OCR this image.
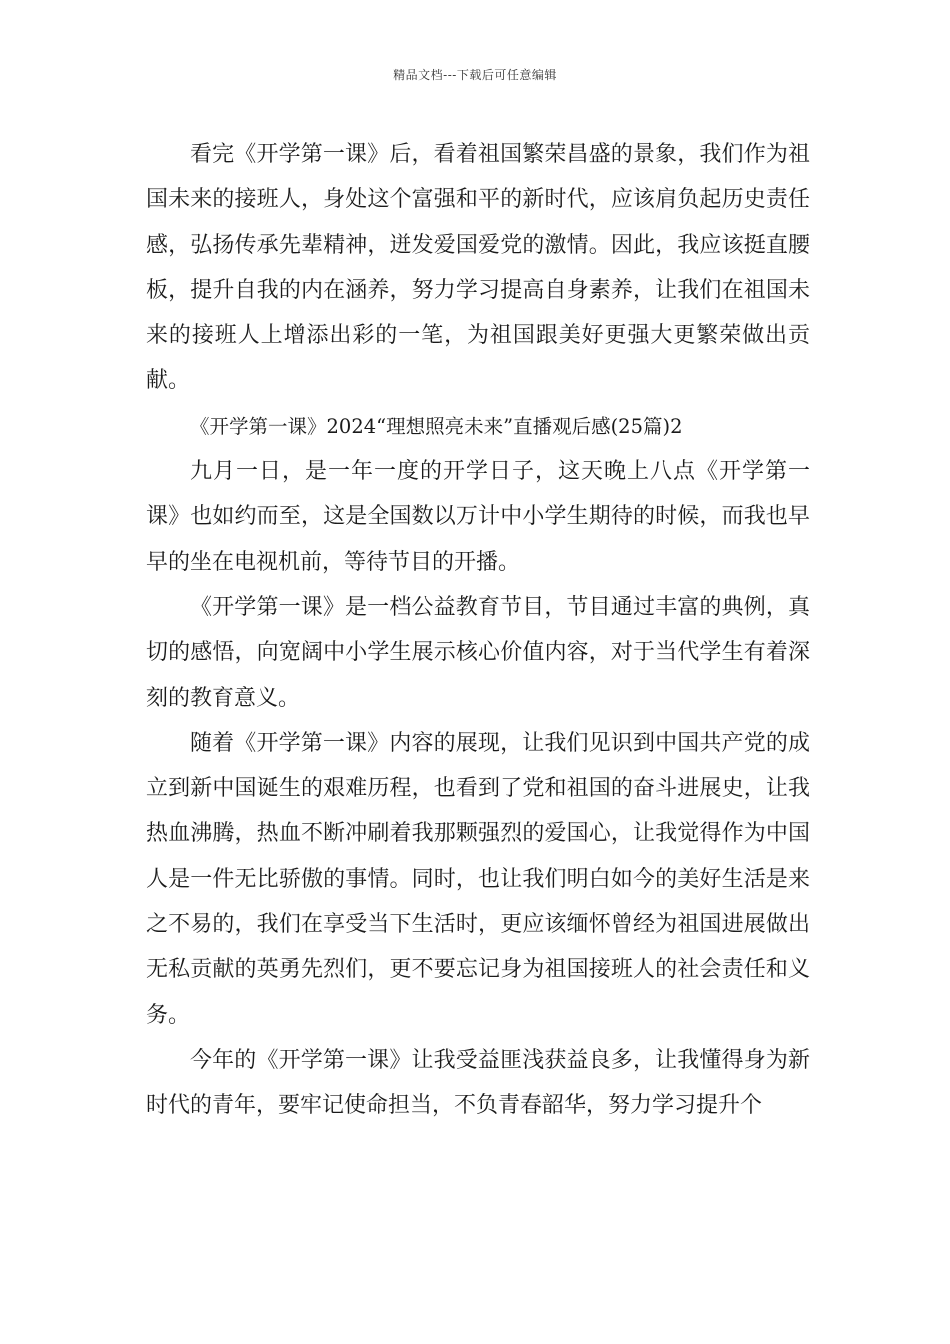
精品文档---下载后可任意编辑

看完《开学第一课》后，看着祖国繁荣昌盛的景象，我们作为祖国未来的接班人，身处这个富强和平的新时代，应该肩负起历史责任感，弘扬传承先辈精神，迸发爱国爱党的激情。因此，我应该挺直腰板，提升自我的内在涵养，努力学习提高自身素养，让我们在祖国未来的接班人上增添出彩的一笔，为祖国跟美好更强大更繁荣做出贡献。

《开学第一课》2024“理想照亮未来”直播观后感(25篇)2

九月一日，是一年一度的开学日子，这天晚上八点《开学第一课》也如约而至，这是全国数以万计中小学生期待的时候，而我也早早的坐在电视机前，等待节目的开播。

《开学第一课》是一档公益教育节目，节目通过丰富的典例，真切的感悟，向宽阔中小学生展示核心价值内容，对于当代学生有着深刻的教育意义。

随着《开学第一课》内容的展现，让我们见识到中国共产党的成立到新中国诞生的艰难历程，也看到了党和祖国的奋斗进展史，让我热血沸腾，热血不断冲刷着我那颗强烈的爱国心，让我觉得作为中国人是一件无比骄傲的事情。同时，也让我们明白如今的美好生活是来之不易的，我们在享受当下生活时，更应该缅怀曾经为祖国进展做出无私贡献的英勇先烈们，更不要忘记身为祖国接班人的社会责任和义务。

今年的《开学第一课》让我受益匪浅获益良多，让我懂得身为新时代的青年，要牢记使命担当，不负青春韶华，努力学习提升个
